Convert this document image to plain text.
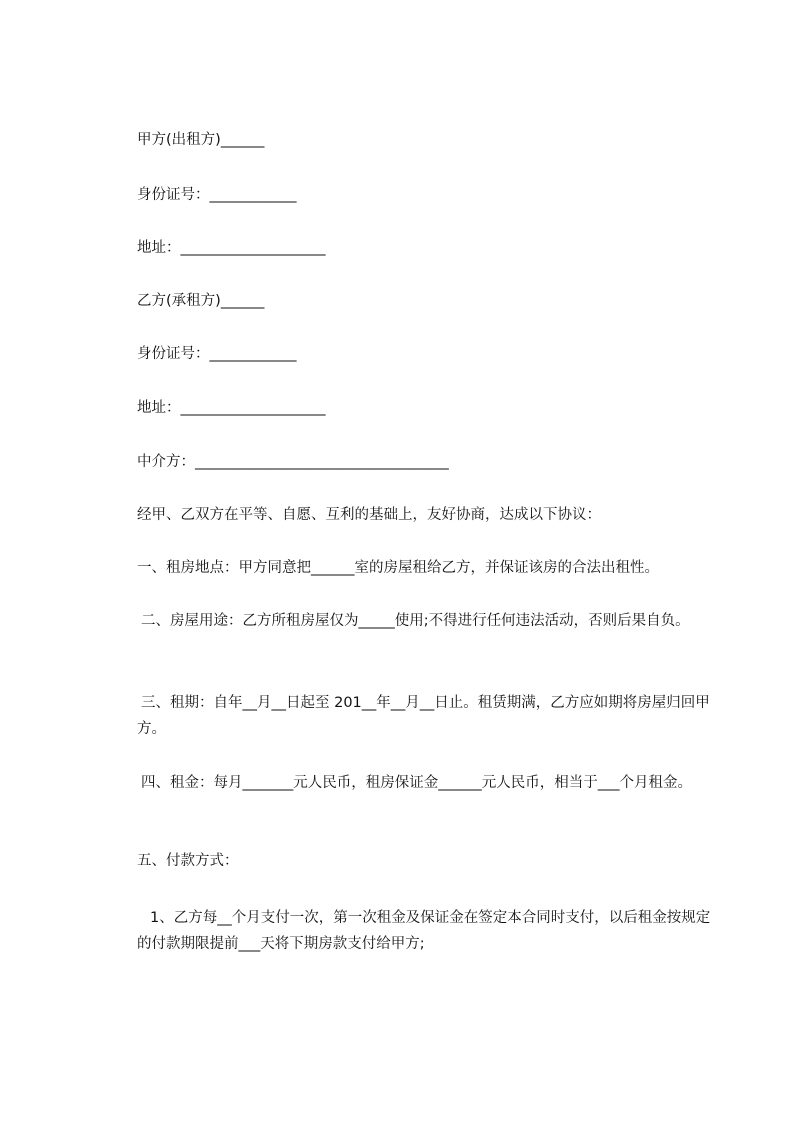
甲方(出租方)______

身份证号：____________

地址：____________________

乙方(承租方)______

身份证号：____________

地址：____________________

中介方：___________________________________

经甲、乙双方在平等、自愿、互利的基础上，友好协商，达成以下协议：

一、租房地点：甲方同意把______室的房屋租给乙方，并保证该房的合法出租性。

二、房屋用途：乙方所租房屋仅为_____使用;不得进行任何违法活动，否则后果自负。

三、租期：自年__月__日起至 201__年__月__日止。租赁期满，乙方应如期将房屋归回甲方。

四、租金：每月_______元人民币，租房保证金______元人民币，相当于___个月租金。

五、付款方式：

1、乙方每__个月支付一次，第一次租金及保证金在签定本合同时支付，以后租金按规定的付款期限提前___天将下期房款支付给甲方;
